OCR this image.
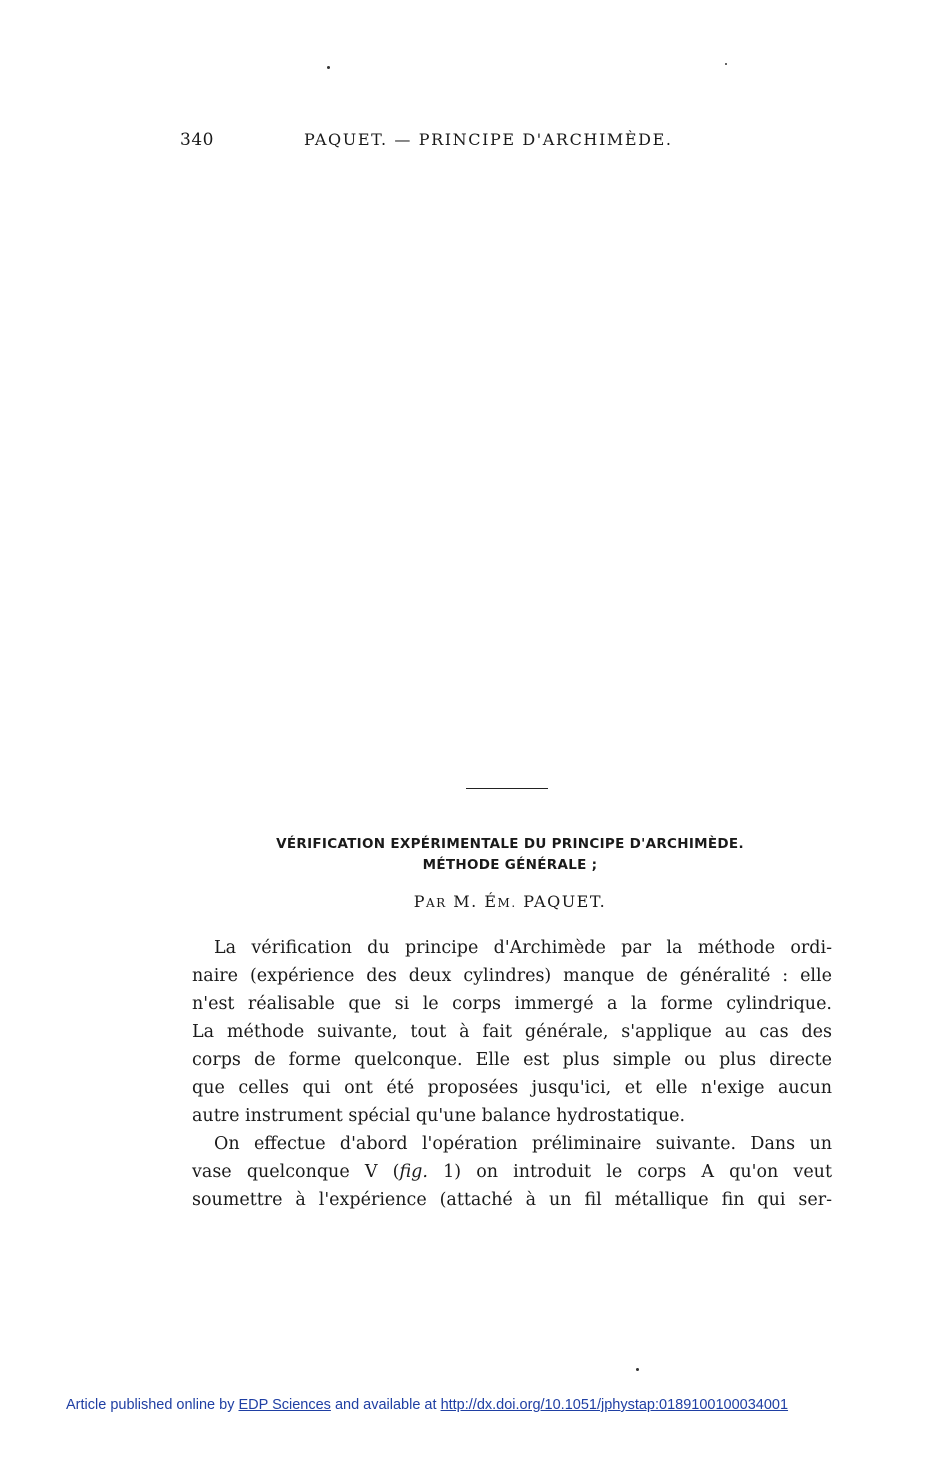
340	PAQUET. — PRINCIPE D'ARCHIMÈDE.
VÉRIFICATION EXPÉRIMENTALE DU PRINCIPE D'ARCHIMÈDE.
MÉTHODE GÉNÉRALE ;
PAR M. ÉM. PAQUET.
La vérification du principe d'Archimède par la méthode ordi-
naire (expérience des deux cylindres) manque de généralité : elle
n'est réalisable que si le corps immergé a la forme cylindrique.
La méthode suivante, tout à fait générale, s'applique au cas des
corps de forme quelconque. Elle est plus simple ou plus directe
que celles qui ont été proposées jusqu'ici, et elle n'exige aucun
autre instrument spécial qu'une balance hydrostatique.
On effectue d'abord l'opération préliminaire suivante. Dans un
vase quelconque V (fig. 1) on introduit le corps A qu'on veut
soumettre à l'expérience (attaché à un fil métallique fin qui ser-
Article published online by EDP Sciences and available at http://dx.doi.org/10.1051/jphystap:0189100100034001
